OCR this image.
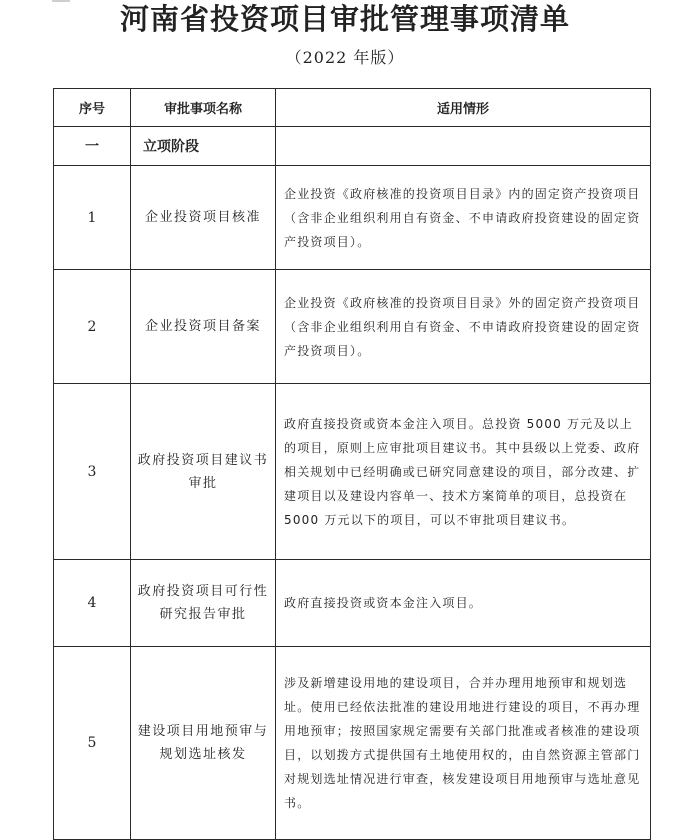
河南省投资项目审批管理事项清单
（2022 年版）
序号	审批事项名称	适用情形
一	立项阶段	
1	企业投资项目核准	企业投资《政府核准的投资项目目录》内的固定资产投资项目（含非企业组织利用自有资金、不申请政府投资建设的固定资产投资项目）。
2	企业投资项目备案	企业投资《政府核准的投资项目目录》外的固定资产投资项目（含非企业组织利用自有资金、不申请政府投资建设的固定资产投资项目）。
3	政府投资项目建议书审批	政府直接投资或资本金注入项目。总投资 5000 万元及以上的项目，原则上应审批项目建议书。其中县级以上党委、政府相关规划中已经明确或已研究同意建设的项目，部分改建、扩建项目以及建设内容单一、技术方案简单的项目，总投资在 5000 万元以下的项目，可以不审批项目建议书。
4	政府投资项目可行性研究报告审批	政府直接投资或资本金注入项目。
5	建设项目用地预审与规划选址核发	涉及新增建设用地的建设项目，合并办理用地预审和规划选址。使用已经依法批准的建设用地进行建设的项目，不再办理用地预审；按照国家规定需要有关部门批准或者核准的建设项目，以划拨方式提供国有土地使用权的，由自然资源主管部门对规划选址情况进行审查，核发建设项目用地预审与选址意见书。
